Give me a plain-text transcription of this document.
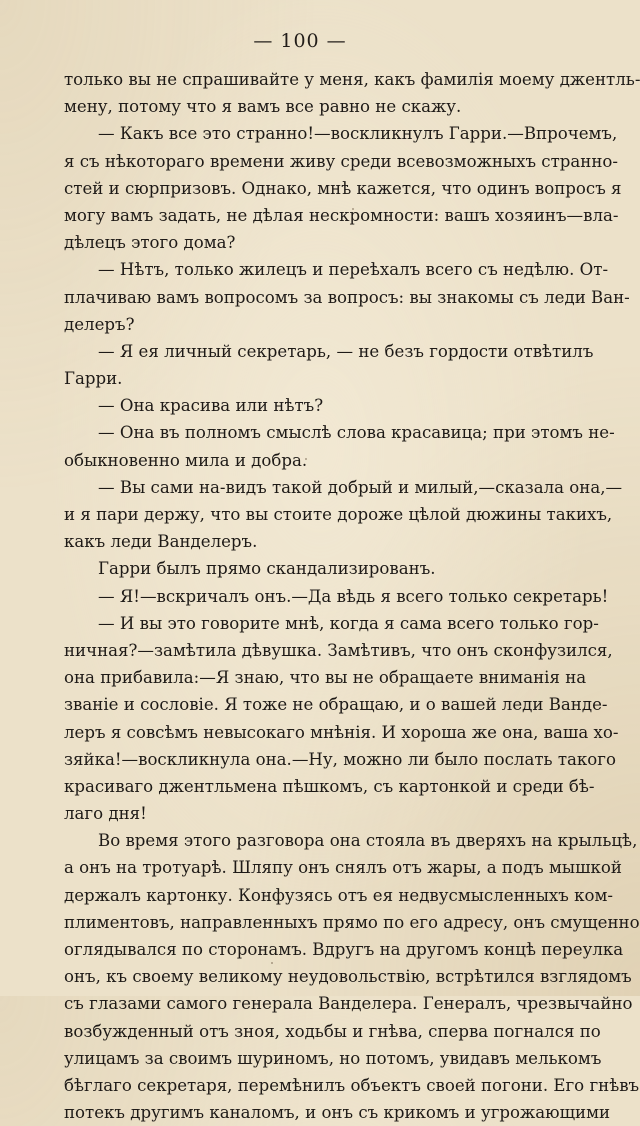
— 100 —
только вы не спрашивайте у меня, какъ фамилія моему джентль-
мену, потому что я вамъ все равно не скажу.
— Какъ все это странно!—воскликнулъ Гарри.—Впрочемъ,
я съ нѣкотораго времени живу среди всевозможныхъ странно-
стей и сюрпризовъ. Однако, мнѣ кажется, что одинъ вопросъ я
могу вамъ задать, не дѣлая нескромности: вашъ хозяинъ—вла-
дѣлецъ этого дома?
— Нѣтъ, только жилецъ и переѣхалъ всего съ недѣлю. От-
плачиваю вамъ вопросомъ за вопросъ: вы знакомы съ леди Ван-
делеръ?
— Я ея личный секретарь, — не безъ гордости отвѣтилъ
Гарри.
— Она красива или нѣтъ?
— Она въ полномъ смыслѣ слова красавица; при этомъ не-
обыкновенно мила и добра.
— Вы сами на-видъ такой добрый и милый,—сказала она,—
и я пари держу, что вы стоите дороже цѣлой дюжины такихъ,
какъ леди Ванделеръ.
Гарри былъ прямо скандализированъ.
— Я!—вскричалъ онъ.—Да вѣдь я всего только секретарь!
— И вы это говорите мнѣ, когда я сама всего только гор-
ничная?—замѣтила дѣвушка. Замѣтивъ, что онъ сконфузился,
она прибавила:—Я знаю, что вы не обращаете вниманія на
званіе и сословіе. Я тоже не обращаю, и о вашей леди Ванде-
леръ я совсѣмъ невысокаго мнѣнія. И хороша же она, ваша хо-
зяйка!—воскликнула она.—Ну, можно ли было послать такого
красиваго джентльмена пѣшкомъ, съ картонкой и среди бѣ-
лаго дня!
Во время этого разговора она стояла въ дверяхъ на крыльцѣ,
а онъ на тротуарѣ. Шляпу онъ снялъ отъ жары, а подъ мышкой
держалъ картонку. Конфузясь отъ ея недвусмысленныхъ ком-
плиментовъ, направленныхъ прямо по его адресу, онъ смущенно
оглядывался по сторонамъ. Вдругъ на другомъ концѣ переулка
онъ, къ своему великому неудовольствію, встрѣтился взглядомъ
съ глазами самого генерала Ванделера. Генералъ, чрезвычайно
возбужденный отъ зноя, ходьбы и гнѣва, сперва погнался по
улицамъ за своимъ шуриномъ, но потомъ, увидавъ мелькомъ
бѣглаго секретаря, перемѣнилъ объектъ своей погони. Его гнѣвъ
потекъ другимъ каналомъ, и онъ съ крикомъ и угрожающими
